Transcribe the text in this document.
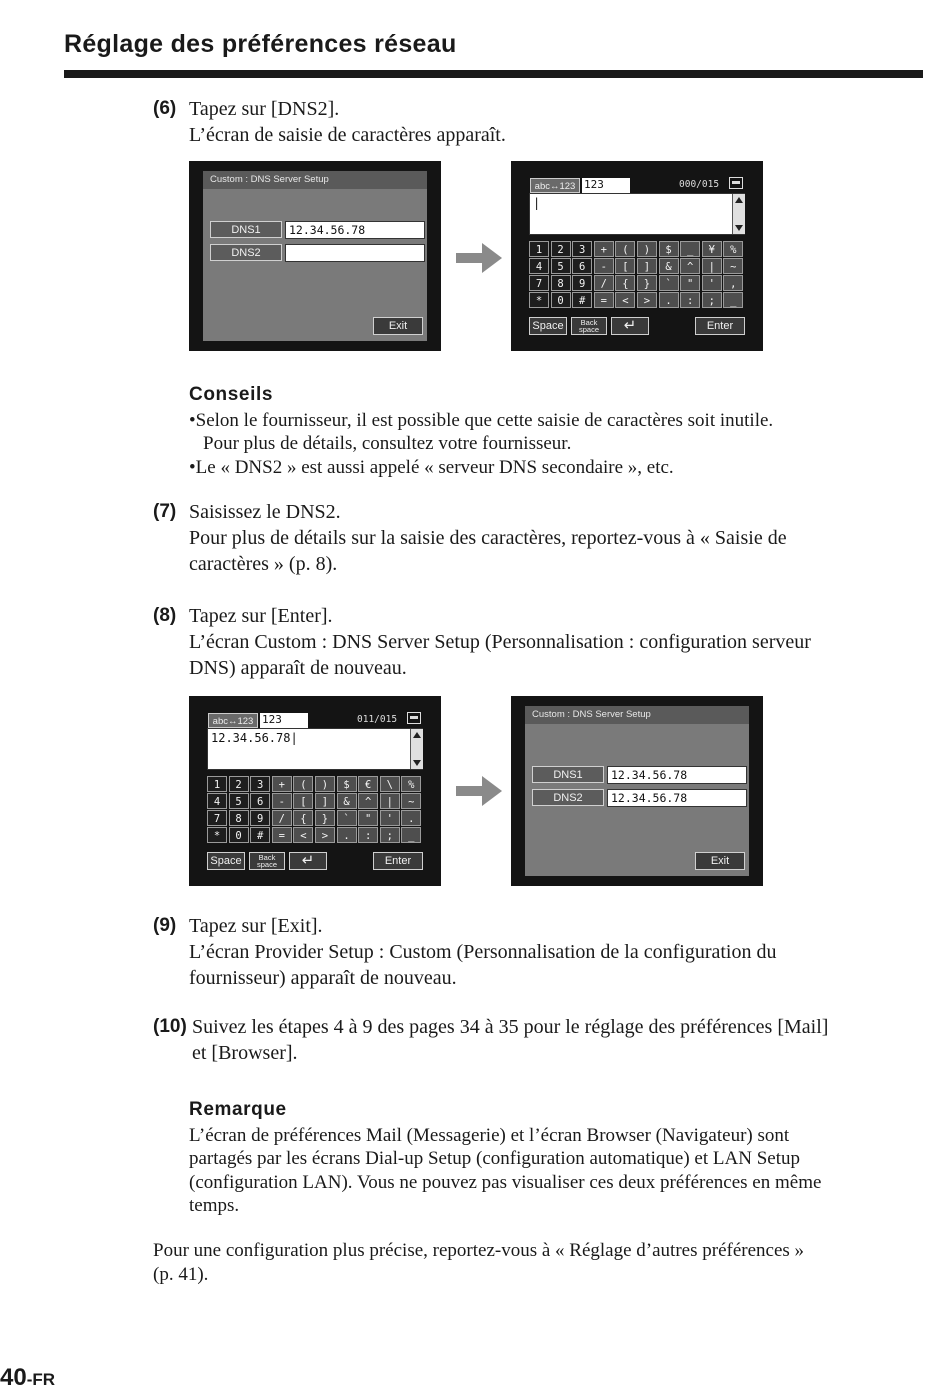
Réglage des préférences réseau
(6) Tapez sur [DNS2].
L’écran de saisie de caractères apparaît.
Custom : DNS Server Setup
DNS1	12.34.56.78
DNS2
Exit
abc↔123 123	000/015
|
1	2	3	+	(	)	$	_	¥	%
4	5	6	-	[	]	&	^	|	~
7	8	9	/	{	}	`	"	'	,
*	0	#	=	<	>	.	:	;	_
Space	Back
space	↵	Enter
Conseils
•Selon le fournisseur, il est possible que cette saisie de caractères soit inutile.
Pour plus de détails, consultez votre fournisseur.
•Le « DNS2 » est aussi appelé « serveur DNS secondaire », etc.
(7) Saisissez le DNS2.
Pour plus de détails sur la saisie des caractères, reportez-vous à « Saisie de
caractères » (p. 8).
(8) Tapez sur [Enter].
L’écran Custom : DNS Server Setup (Personnalisation : configuration serveur
DNS) apparaît de nouveau.
abc↔123 123	011/015
12.34.56.78|
1	2	3	+	(	)	$	€	\	%
4	5	6	-	[	]	&	^	|	~
7	8	9	/	{	}	`	"	'	.
*	0	#	=	<	>	.	:	;	_
Space	Back
space	↵	Enter
Custom : DNS Server Setup
DNS1	12.34.56.78
DNS2	12.34.56.78
Exit
(9) Tapez sur [Exit].
L’écran Provider Setup : Custom (Personnalisation de la configuration du
fournisseur) apparaît de nouveau.
(10) Suivez les étapes 4 à 9 des pages 34 à 35 pour le réglage des préférences [Mail]
et [Browser].
Remarque
L’écran de préférences Mail (Messagerie) et l’écran Browser (Navigateur) sont
partagés par les écrans Dial-up Setup (configuration automatique) et LAN Setup
(configuration LAN). Vous ne pouvez pas visualiser ces deux préférences en même
temps.
Pour une configuration plus précise, reportez-vous à « Réglage d’autres préférences »
(p. 41).
40-FR
